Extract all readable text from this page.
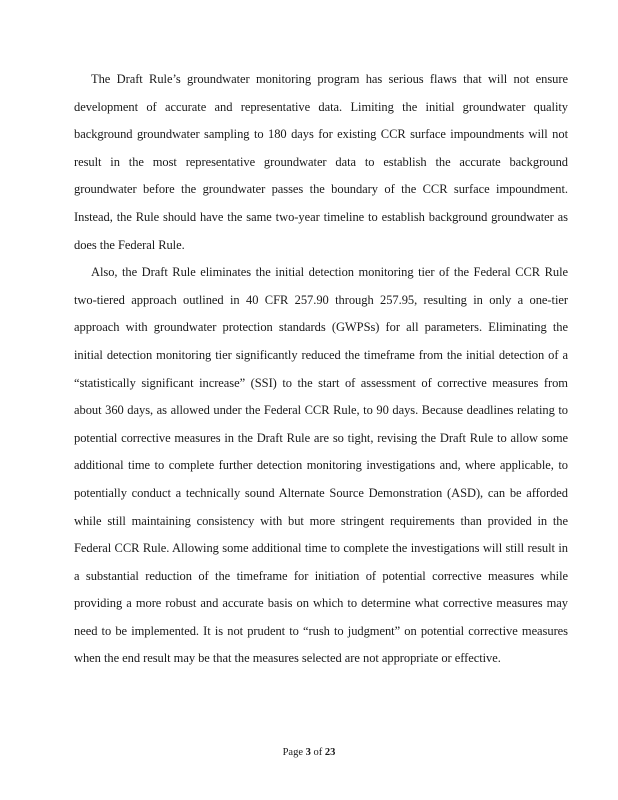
The Draft Rule’s groundwater monitoring program has serious flaws that will not ensure development of accurate and representative data. Limiting the initial groundwater quality background groundwater sampling to 180 days for existing CCR surface impoundments will not result in the most representative groundwater data to establish the accurate background groundwater before the groundwater passes the boundary of the CCR surface impoundment. Instead, the Rule should have the same two-year timeline to establish background groundwater as does the Federal Rule.

Also, the Draft Rule eliminates the initial detection monitoring tier of the Federal CCR Rule two-tiered approach outlined in 40 CFR 257.90 through 257.95, resulting in only a one-tier approach with groundwater protection standards (GWPSs) for all parameters. Eliminating the initial detection monitoring tier significantly reduced the timeframe from the initial detection of a “statistically significant increase” (SSI) to the start of assessment of corrective measures from about 360 days, as allowed under the Federal CCR Rule, to 90 days. Because deadlines relating to potential corrective measures in the Draft Rule are so tight, revising the Draft Rule to allow some additional time to complete further detection monitoring investigations and, where applicable, to potentially conduct a technically sound Alternate Source Demonstration (ASD), can be afforded while still maintaining consistency with but more stringent requirements than provided in the Federal CCR Rule. Allowing some additional time to complete the investigations will still result in a substantial reduction of the timeframe for initiation of potential corrective measures while providing a more robust and accurate basis on which to determine what corrective measures may need to be implemented. It is not prudent to “rush to judgment” on potential corrective measures when the end result may be that the measures selected are not appropriate or effective.

Page 3 of 23
